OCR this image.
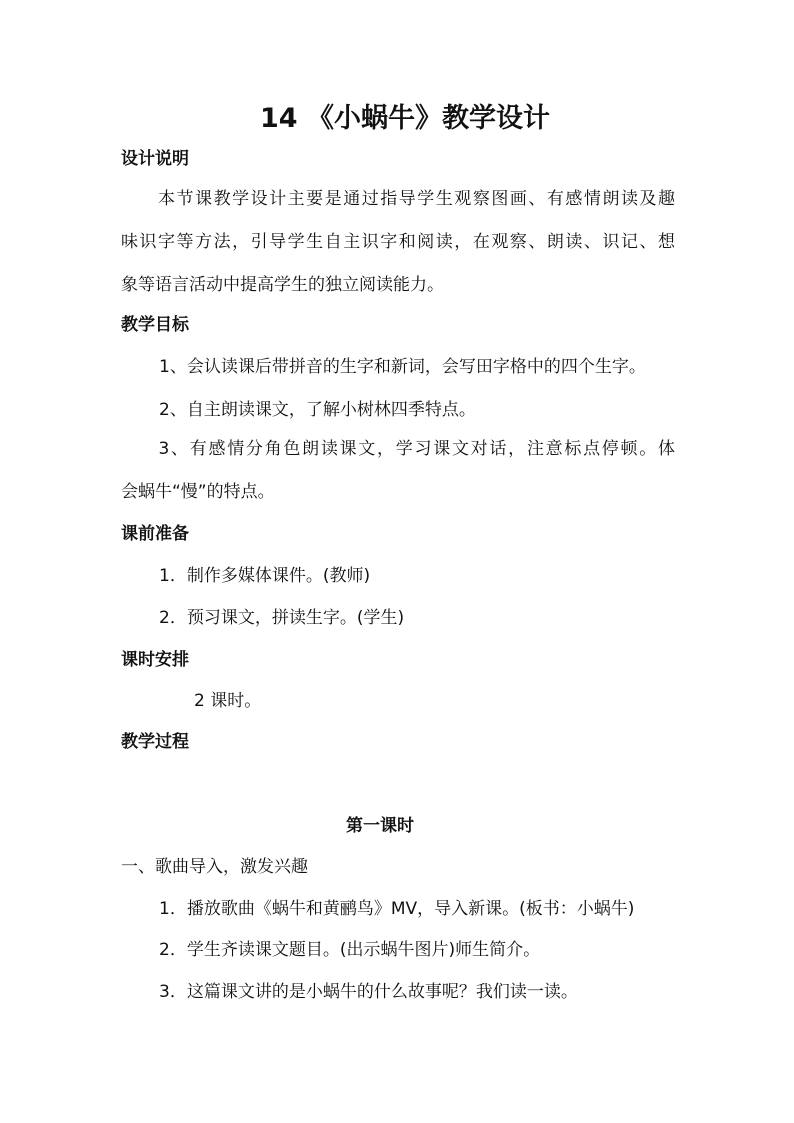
14 《小蜗牛》教学设计
设计说明
　　本节课教学设计主要是通过指导学生观察图画、有感情朗读及趣
味识字等方法，引导学生自主识字和阅读，在观察、朗读、识记、想
象等语言活动中提高学生的独立阅读能力。
教学目标
1、会认读课后带拼音的生字和新词，会写田字格中的四个生字。
2、自主朗读课文，了解小树林四季特点。
　　3、有感情分角色朗读课文，学习课文对话，注意标点停顿。体
会蜗牛“慢”的特点。
课前准备
1．制作多媒体课件。(教师)
2．预习课文，拼读生字。(学生)
课时安排
2 课时。
教学过程
第一课时
一、歌曲导入，激发兴趣
1．播放歌曲《蜗牛和黄鹂鸟》MV，导入新课。(板书：小蜗牛)
2．学生齐读课文题目。(出示蜗牛图片)师生简介。
3．这篇课文讲的是小蜗牛的什么故事呢？我们读一读。
